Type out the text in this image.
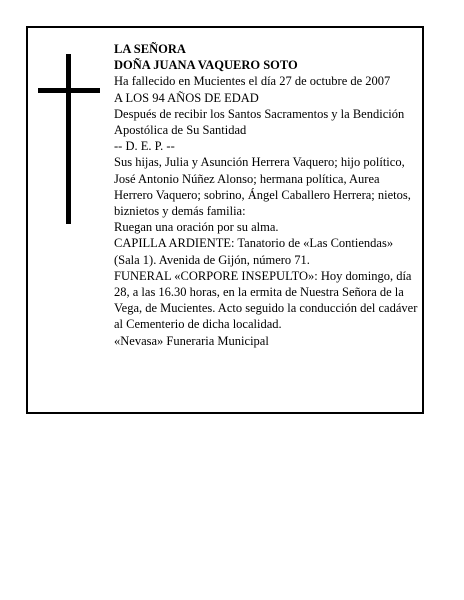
LA SEÑORA

DOÑA JUANA VAQUERO SOTO

Ha fallecido en Mucientes el día 27 de octubre de 2007

A LOS 94 AÑOS DE EDAD

Después de recibir los Santos Sacramentos y la Bendición Apostólica de Su Santidad

-- D. E. P. --

Sus hijas, Julia y Asunción Herrera Vaquero; hijo político, José Antonio Núñez Alonso; hermana política, Aurea Herrero Vaquero; sobrino, Ángel Caballero Herrera; nietos, biznietos y demás familia:

Ruegan una oración por su alma.

CAPILLA ARDIENTE: Tanatorio de «Las Contiendas» (Sala 1). Avenida de Gijón, número 71.

FUNERAL «CORPORE INSEPULTO»: Hoy domingo, día 28, a las 16.30 horas, en la ermita de Nuestra Señora de la Vega, de Mucientes. Acto seguido la conducción del cadáver al Cementerio de dicha localidad.

«Nevasa» Funeraria Municipal
